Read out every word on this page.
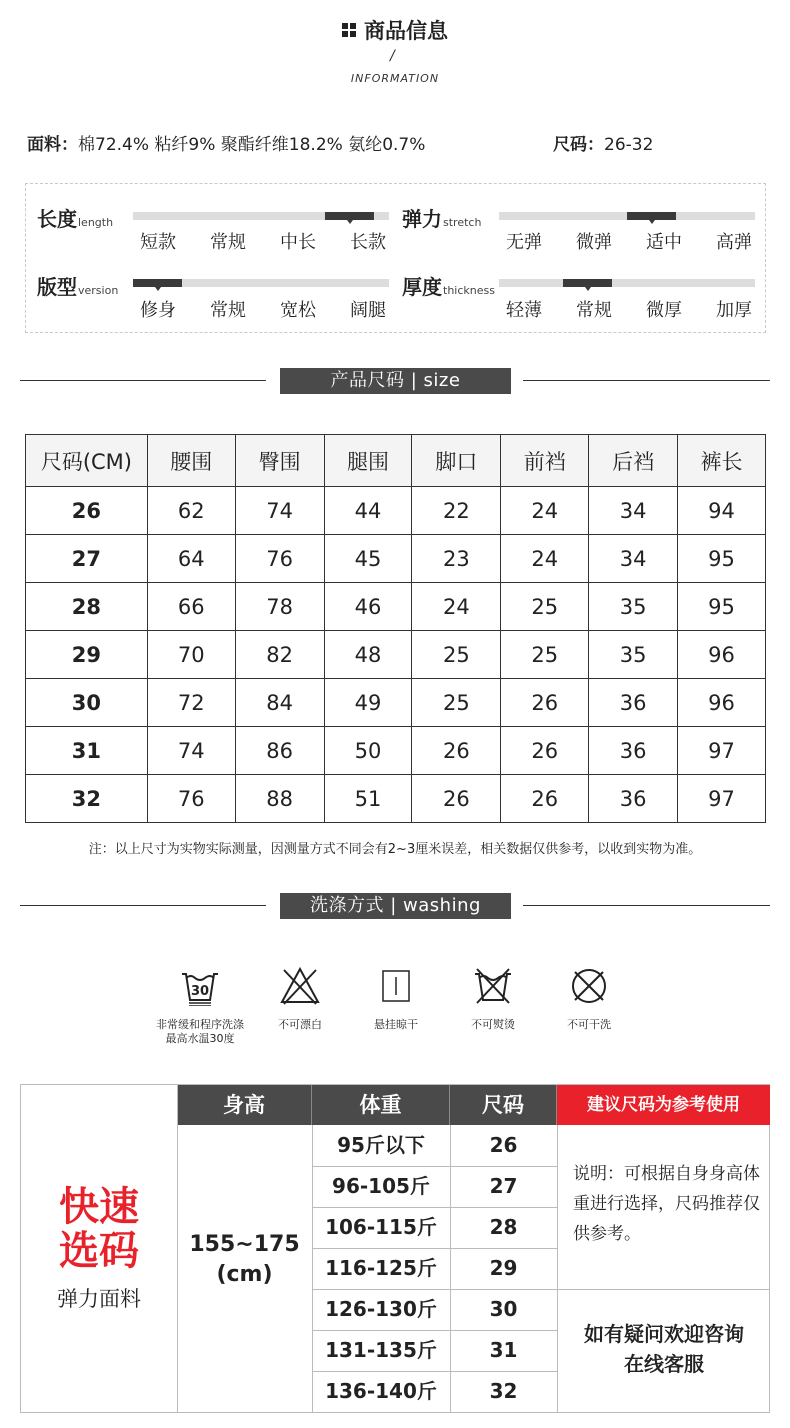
商品信息
/
INFORMATION
面料：棉72.4% 粘纤9% 聚酯纤维18.2% 氨纶0.7%	尺码：26-32
长度length
短款	常规	中长	长款
弹力stretch
无弹	微弹	适中	高弹
版型version
修身	常规	宽松	阔腿
厚度thickness
轻薄	常规	微厚	加厚
产品尺码 | size
尺码(CM)	腰围	臀围	腿围	脚口	前裆	后裆	裤长
26	62	74	44	22	24	34	94
27	64	76	45	23	24	34	95
28	66	78	46	24	25	35	95
29	70	82	48	25	25	35	96
30	72	84	49	25	26	36	96
31	74	86	50	26	26	36	97
32	76	88	51	26	26	36	97
注：以上尺寸为实物实际测量，因测量方式不同会有2~3厘米误差，相关数据仅供参考，以收到实物为准。
洗涤方式 | washing
30
非常缓和程序洗涤
最高水温30度
不可漂白	悬挂晾干	不可熨烫	不可干洗
快速
选码
弹力面料
身高	体重	尺码	建议尺码为参考使用
155~175
(cm)
95斤以下	26
96-105斤	27
106-115斤	28
116-125斤	29
126-130斤	30
131-135斤	31
136-140斤	32
说明：可根据自身身高体重进行选择，尺码推荐仅供参考。
如有疑问欢迎咨询
在线客服
